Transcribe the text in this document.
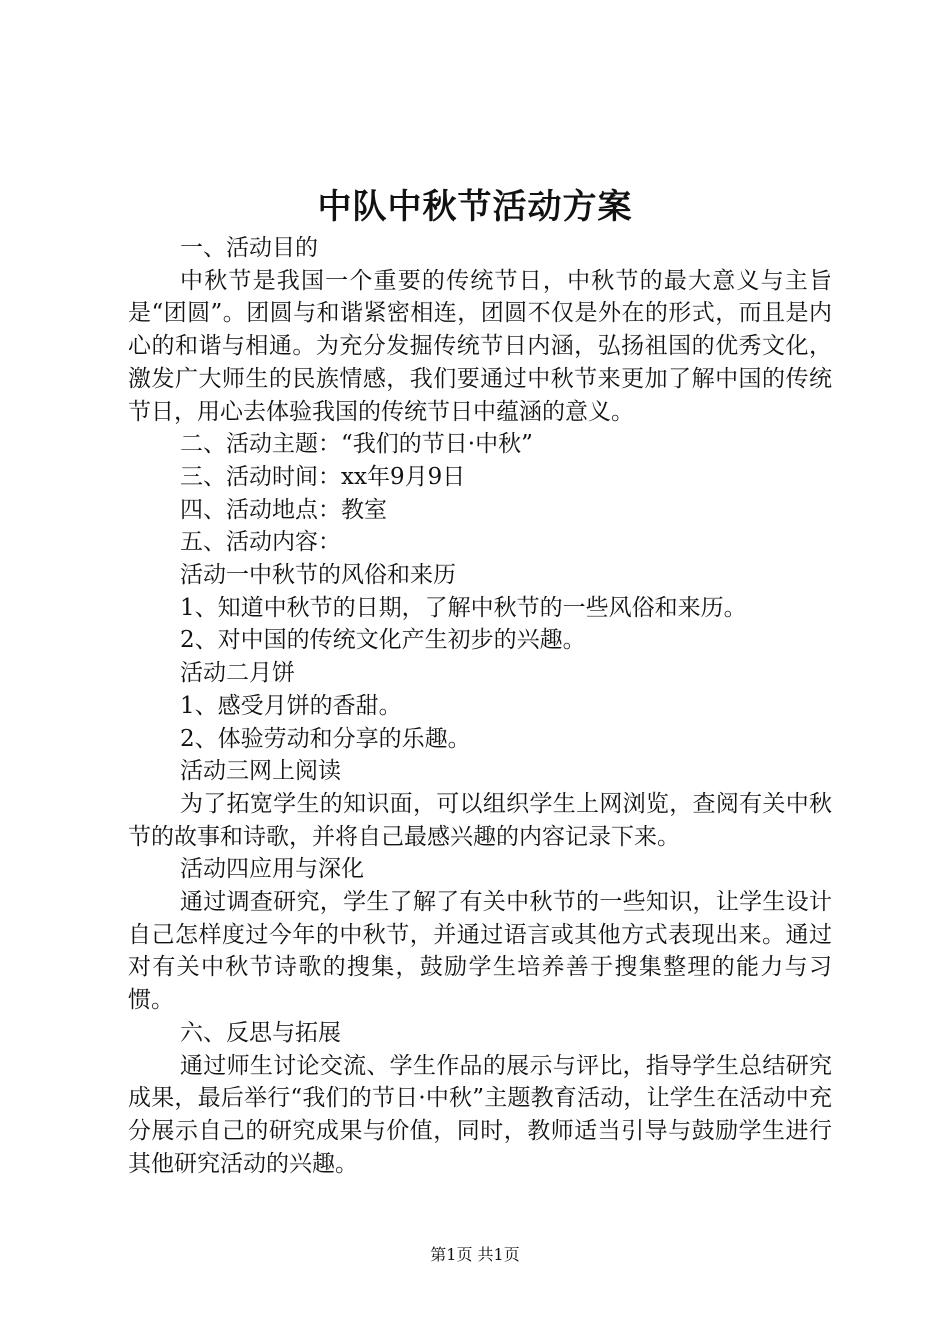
中队中秋节活动方案

一、活动目的

中秋节是我国一个重要的传统节日，中秋节的最大意义与主旨是“团圆”。团圆与和谐紧密相连，团圆不仅是外在的形式，而且是内心的和谐与相通。为充分发掘传统节日内涵，弘扬祖国的优秀文化，激发广大师生的民族情感，我们要通过中秋节来更加了解中国的传统节日，用心去体验我国的传统节日中蕴涵的意义。

二、活动主题：“我们的节日·中秋”

三、活动时间：xx年9月9日

四、活动地点：教室

五、活动内容：

活动一中秋节的风俗和来历

1、知道中秋节的日期，了解中秋节的一些风俗和来历。

2、对中国的传统文化产生初步的兴趣。

活动二月饼

1、感受月饼的香甜。

2、体验劳动和分享的乐趣。

活动三网上阅读

为了拓宽学生的知识面，可以组织学生上网浏览，查阅有关中秋节的故事和诗歌，并将自己最感兴趣的内容记录下来。

活动四应用与深化

通过调查研究，学生了解了有关中秋节的一些知识，让学生设计自己怎样度过今年的中秋节，并通过语言或其他方式表现出来。通过对有关中秋节诗歌的搜集，鼓励学生培养善于搜集整理的能力与习惯。

六、反思与拓展

通过师生讨论交流、学生作品的展示与评比，指导学生总结研究成果，最后举行“我们的节日·中秋”主题教育活动，让学生在活动中充分展示自己的研究成果与价值，同时，教师适当引导与鼓励学生进行其他研究活动的兴趣。

第1页 共1页
